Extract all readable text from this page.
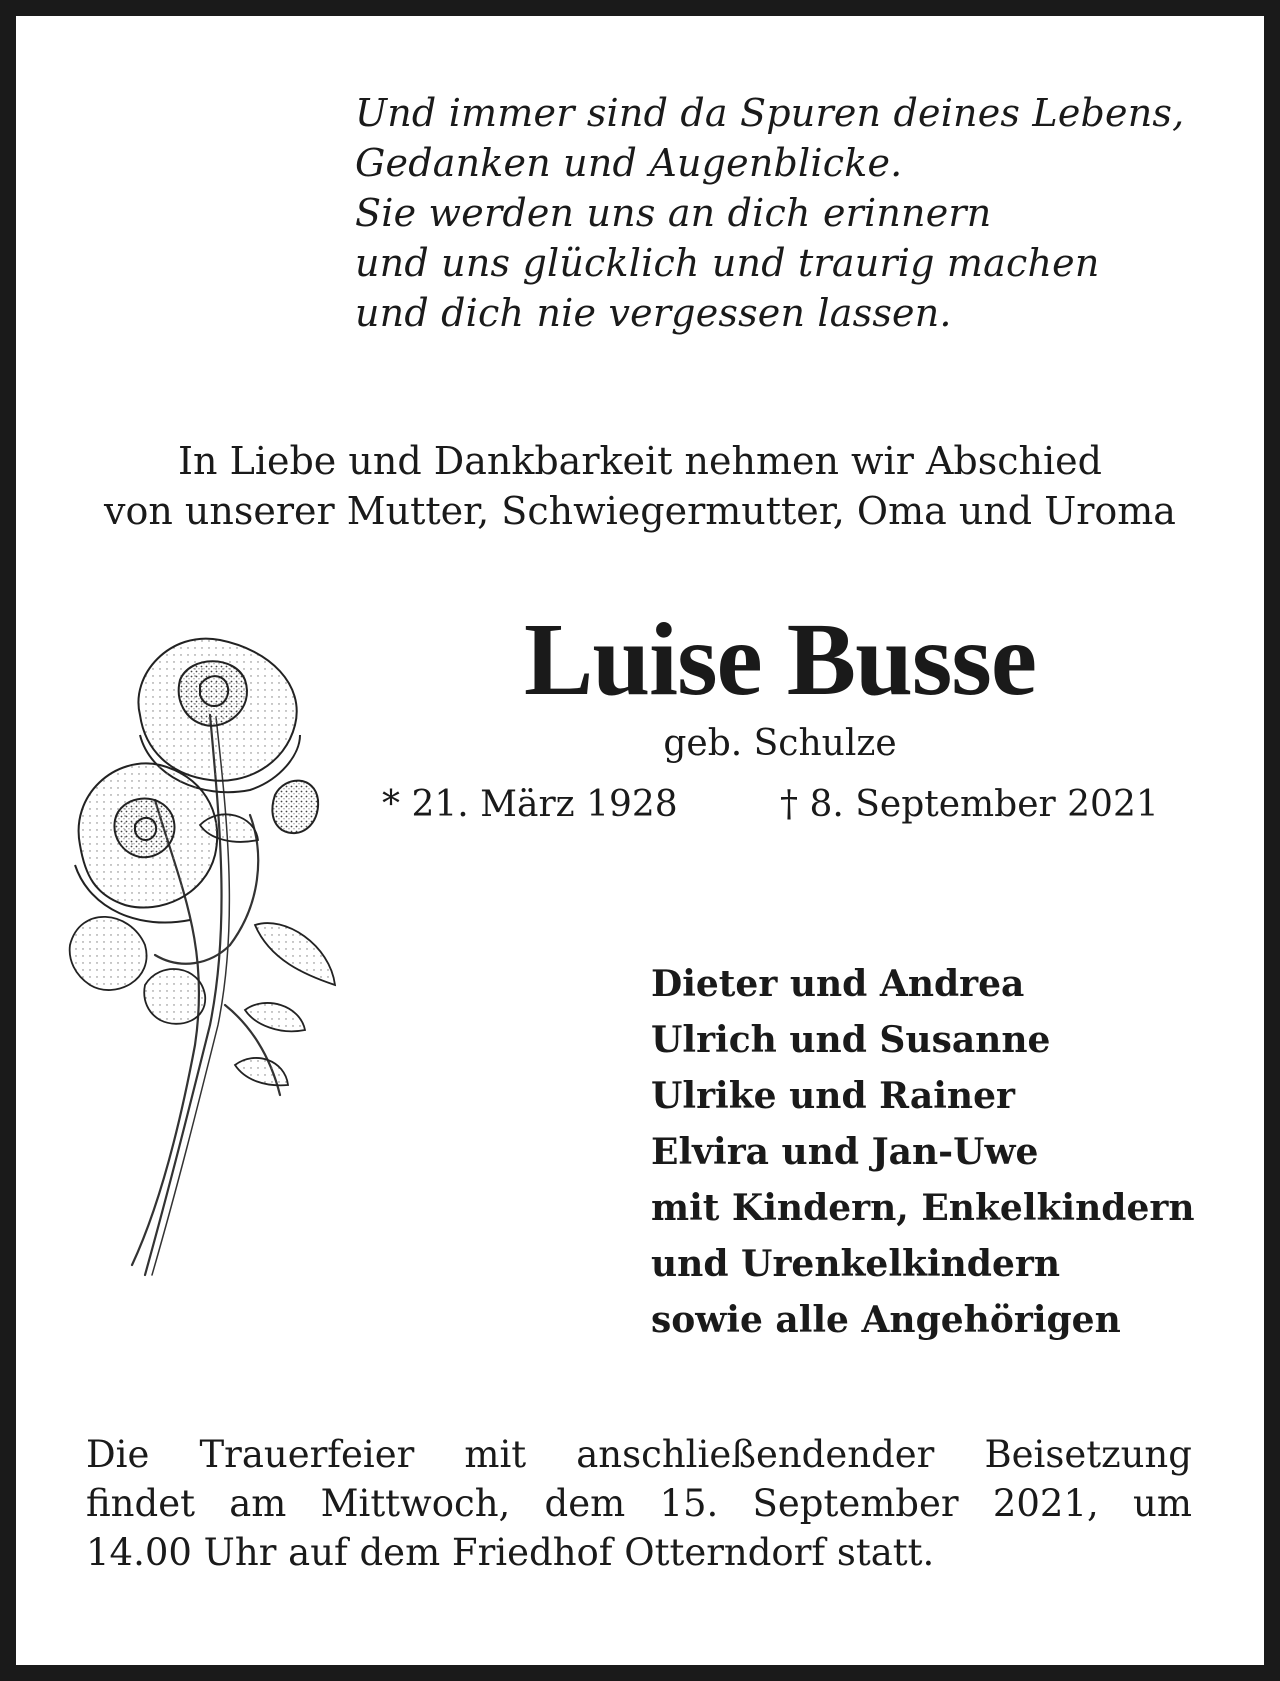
Und immer sind da Spuren deines Lebens,
Gedanken und Augenblicke.
Sie werden uns an dich erinnern
und uns glücklich und traurig machen
und dich nie vergessen lassen.
In Liebe und Dankbarkeit nehmen wir Abschied
von unserer Mutter, Schwiegermutter, Oma und Uroma
Luise Busse
geb. Schulze
* 21. März 1928	† 8. September 2021
Dieter und Andrea
Ulrich und Susanne
Ulrike und Rainer
Elvira und Jan-Uwe
mit Kindern, Enkelkindern
und Urenkelkindern
sowie alle Angehörigen
Die Trauerfeier mit anschließendender Beisetzung
findet am Mittwoch, dem 15. September 2021, um
14.00 Uhr auf dem Friedhof Otterndorf statt.
